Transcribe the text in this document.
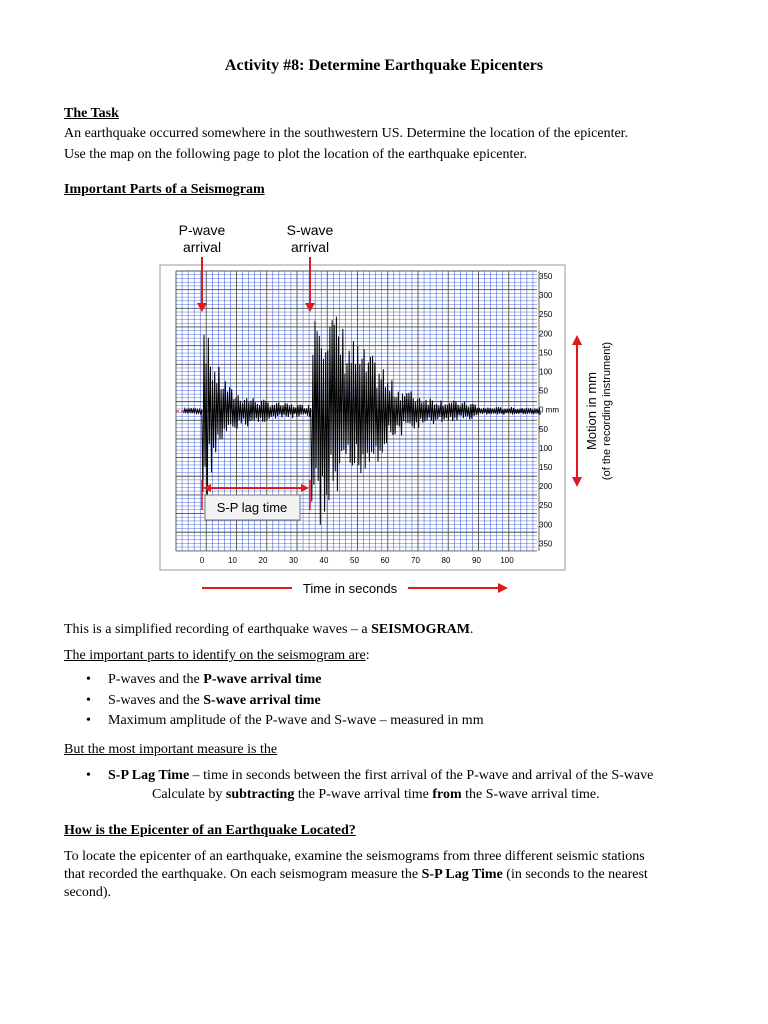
Activity #8: Determine Earthquake Epicenters
The Task
An earthquake occurred somewhere in the southwestern US. Determine the location of the epicenter.
Use the map on the following page to plot the location of the earthquake epicenter.
Important Parts of a Seismogram
P-wave
arrival
S-wave
arrival
350
300
250
200
150
100
50
0 mm
50
100
150
200
250
300
350
0	10	20	30	40	50	60	70	80	90 100
S-P lag time
Time in seconds
Motion in mm (of the recording instrument)
This is a simplified recording of earthquake waves – a SEISMOGRAM.
The important parts to identify on the seismogram are:
• P-waves and the P-wave arrival time
• S-waves and the S-wave arrival time
• Maximum amplitude of the P-wave and S-wave – measured in mm
But the most important measure is the
• S-P Lag Time – time in seconds between the first arrival of the P-wave and arrival of the S-wave
Calculate by subtracting the P-wave arrival time from the S-wave arrival time.
How is the Epicenter of an Earthquake Located?
To locate the epicenter of an earthquake, examine the seismograms from three different seismic stations
that recorded the earthquake. On each seismogram measure the S-P Lag Time (in seconds to the nearest
second).
